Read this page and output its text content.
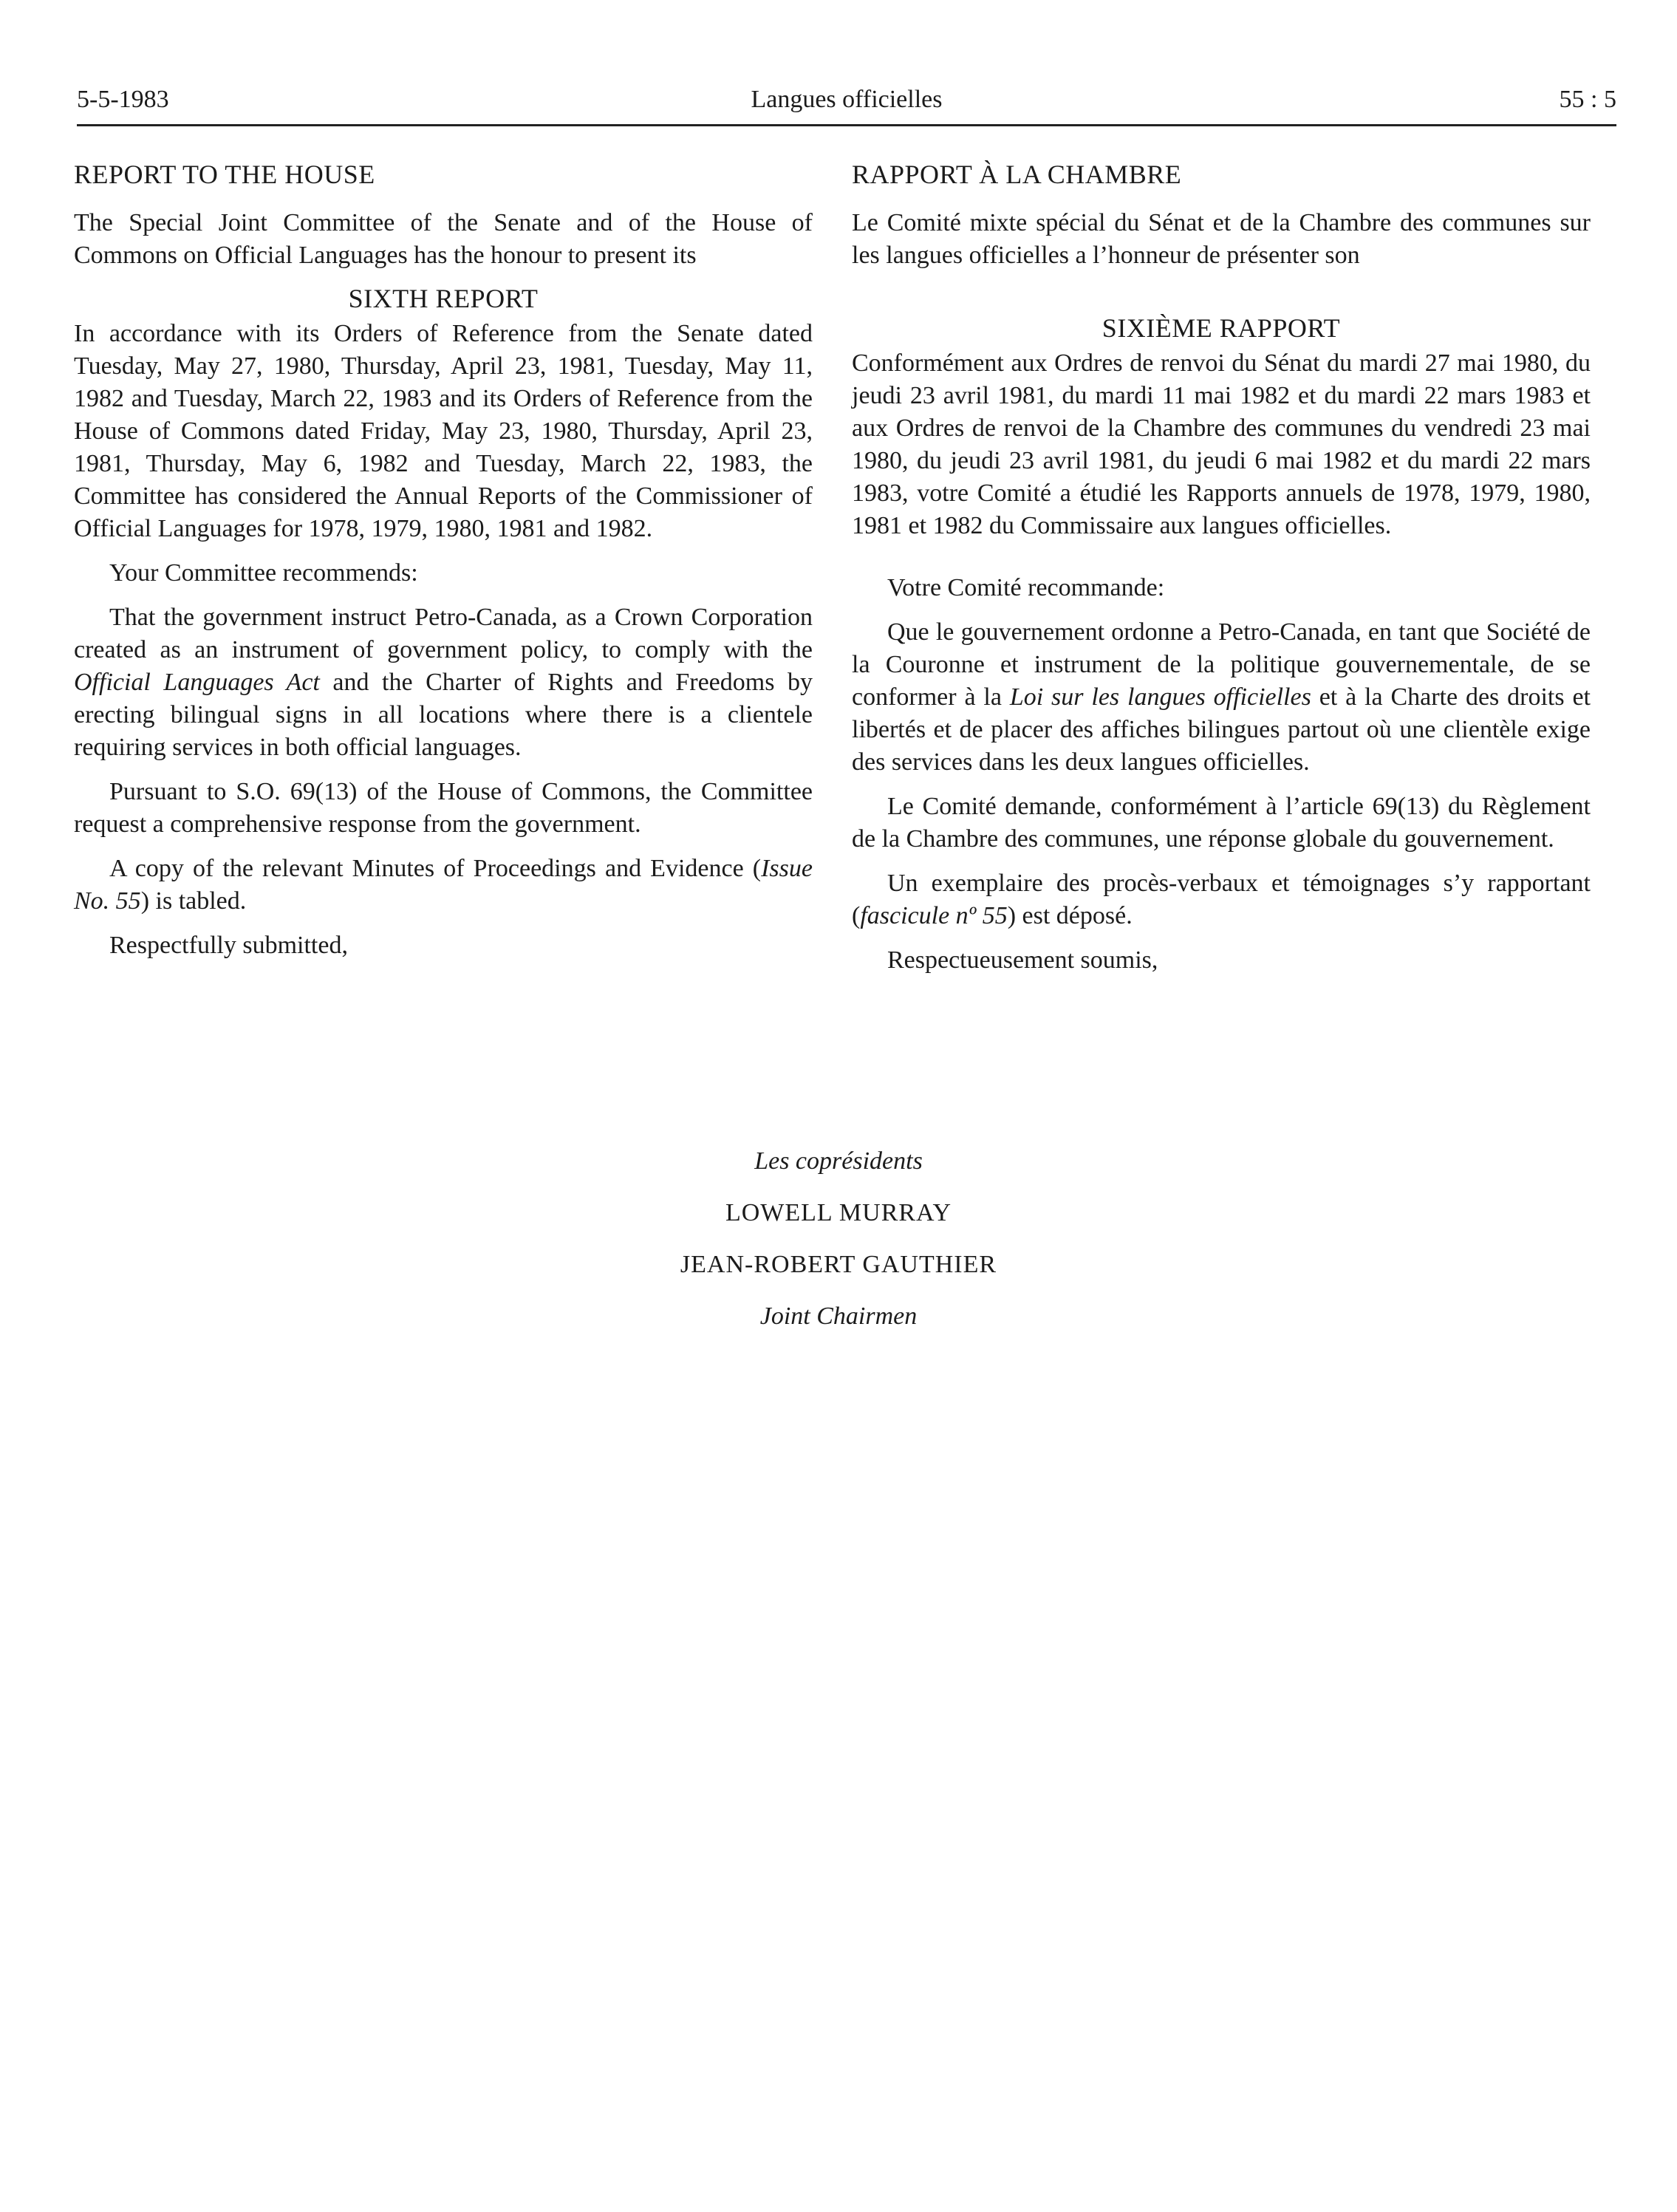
5-5-1983	Langues officielles	55 : 5
REPORT TO THE HOUSE

The Special Joint Committee of the Senate and of the House of Commons on Official Languages has the honour to present its

SIXTH REPORT

In accordance with its Orders of Reference from the Senate dated Tuesday, May 27, 1980, Thursday, April 23, 1981, Tuesday, May 11, 1982 and Tuesday, March 22, 1983 and its Orders of Reference from the House of Commons dated Friday, May 23, 1980, Thursday, April 23, 1981, Thursday, May 6, 1982 and Tuesday, March 22, 1983, the Committee has considered the Annual Reports of the Commissioner of Official Languages for 1978, 1979, 1980, 1981 and 1982.

Your Committee recommends:

That the government instruct Petro-Canada, as a Crown Corporation created as an instrument of government policy, to comply with the Official Languages Act and the Charter of Rights and Freedoms by erecting bilingual signs in all locations where there is a clientele requiring services in both official languages.

Pursuant to S.O. 69(13) of the House of Commons, the Committee request a comprehensive response from the government.

A copy of the relevant Minutes of Proceedings and Evidence (Issue No. 55) is tabled.

Respectfully submitted,

RAPPORT À LA CHAMBRE

Le Comité mixte spécial du Sénat et de la Chambre des communes sur les langues officielles a l’honneur de présenter son

SIXIÈME RAPPORT

Conformément aux Ordres de renvoi du Sénat du mardi 27 mai 1980, du jeudi 23 avril 1981, du mardi 11 mai 1982 et du mardi 22 mars 1983 et aux Ordres de renvoi de la Chambre des communes du vendredi 23 mai 1980, du jeudi 23 avril 1981, du jeudi 6 mai 1982 et du mardi 22 mars 1983, votre Comité a étudié les Rapports annuels de 1978, 1979, 1980, 1981 et 1982 du Commissaire aux langues officielles.

Votre Comité recommande:

Que le gouvernement ordonne a Petro-Canada, en tant que Société de la Couronne et instrument de la politique gouvernementale, de se conformer à la Loi sur les langues officielles et à la Charte des droits et libertés et de placer des affiches bilingues partout où une clientèle exige des services dans les deux langues officielles.

Le Comité demande, conformément à l’article 69(13) du Règlement de la Chambre des communes, une réponse globale du gouvernement.

Un exemplaire des procès-verbaux et témoignages s’y rapportant (fascicule nº 55) est déposé.

Respectueusement soumis,

Les coprésidents
LOWELL MURRAY
JEAN-ROBERT GAUTHIER
Joint Chairmen
